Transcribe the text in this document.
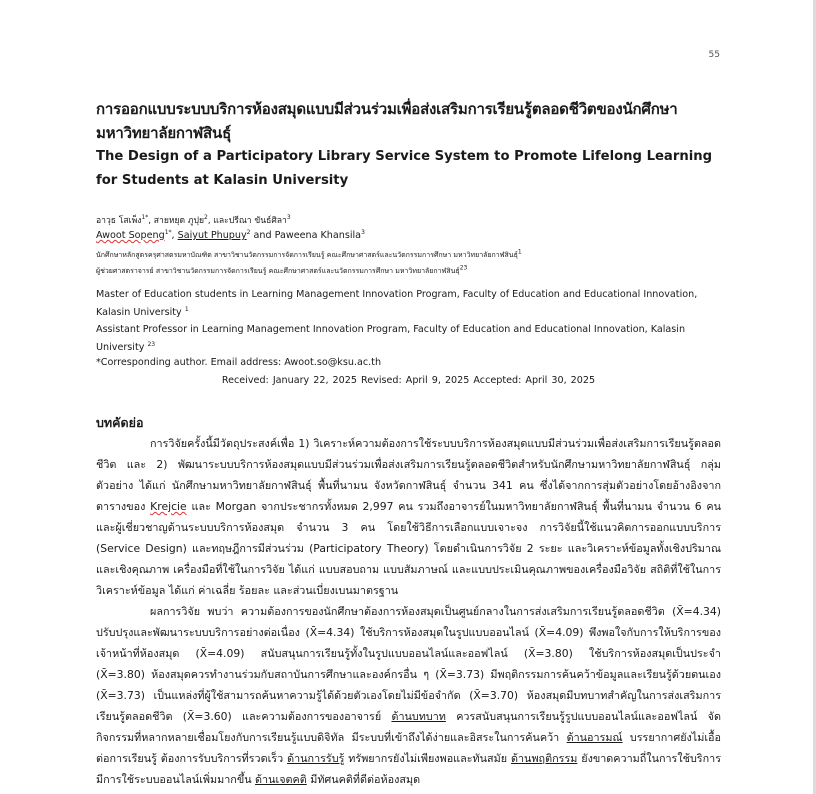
55
การออกแบบระบบบริการห้องสมุดแบบมีส่วนร่วมเพื่อส่งเสริมการเรียนรู้ตลอดชีวิตของนักศึกษามหาวิทยาลัยกาฬสินธุ์
The Design of a Participatory Library Service System to Promote Lifelong Learning for Students at Kalasin University
อาวุธ โสเพ็ง$^{1*}$, สายหยุด ภูปุย$^2$, และปรีณา ขันธ์ศิลา$^3$
Awoot Sopeng$^{1*}$, Saiyut Phupuy$^2$ and Paweena Khansila$^3$
นักศึกษาหลักสูตรครุศาสตรมหาบัณฑิต สาขาวิชานวัตกรรมการจัดการเรียนรู้ คณะศึกษาศาสตร์และนวัตกรรมการศึกษา มหาวิทยาลัยกาฬสินธุ์$^1$
ผู้ช่วยศาสตราจารย์ สาขาวิชานวัตกรรมการจัดการเรียนรู้ คณะศึกษาศาสตร์และนวัตกรรมการศึกษา มหาวิทยาลัยกาฬสินธุ์$^{23}$
Master of Education students in Learning Management Innovation Program, Faculty of Education and Educational Innovation, Kalasin University $^1$
Assistant Professor in Learning Management Innovation Program, Faculty of Education and Educational Innovation, Kalasin University $^{23}$
*Corresponding author. Email address: Awoot.so@ksu.ac.th
Received: January 22, 2025 Revised: April 9, 2025 Accepted: April 30, 2025
บทคัดย่อ

การวิจัยครั้งนี้มีวัตถุประสงค์เพื่อ 1) วิเคราะห์ความต้องการใช้ระบบบริการห้องสมุดแบบมีส่วนร่วมเพื่อส่งเสริมการเรียนรู้ตลอดชีวิต และ 2) พัฒนาระบบบริการห้องสมุดแบบมีส่วนร่วมเพื่อส่งเสริมการเรียนรู้ตลอดชีวิตสำหรับนักศึกษามหาวิทยาลัยกาฬสินธุ์ กลุ่มตัวอย่าง ได้แก่ นักศึกษามหาวิทยาลัยกาฬสินธุ์ พื้นที่นามน จังหวัดกาฬสินธุ์ จำนวน 341 คน ซึ่งได้จากการสุ่มตัวอย่างโดยอ้างอิงจากตารางของ Krejcie และ Morgan จากประชากรทั้งหมด 2,997 คน รวมถึงอาจารย์ในมหาวิทยาลัยกาฬสินธุ์ พื้นที่นามน จำนวน 6 คน และผู้เชี่ยวชาญด้านระบบบริการห้องสมุด จำนวน 3 คน โดยใช้วิธีการเลือกแบบเจาะจง การวิจัยนี้ใช้แนวคิดการออกแบบบริการ (Service Design) และทฤษฎีการมีส่วนร่วม (Participatory Theory) โดยดำเนินการวิจัย 2 ระยะ และวิเคราะห์ข้อมูลทั้งเชิงปริมาณและเชิงคุณภาพ เครื่องมือที่ใช้ในการวิจัย ได้แก่ แบบสอบถาม แบบสัมภาษณ์ และแบบประเมินคุณภาพของเครื่องมือวิจัย สถิติที่ใช้ในการวิเคราะห์ข้อมูล ได้แก่ ค่าเฉลี่ย ร้อยละ และส่วนเบี่ยงเบนมาตรฐาน

ผลการวิจัย พบว่า ความต้องการของนักศึกษาต้องการห้องสมุดเป็นศูนย์กลางในการส่งเสริมการเรียนรู้ตลอดชีวิต (X̄=4.34) ปรับปรุงและพัฒนาระบบบริการอย่างต่อเนื่อง (X̄=4.34) ใช้บริการห้องสมุดในรูปแบบออนไลน์ (X̄=4.09) พึงพอใจกับการให้บริการของเจ้าหน้าที่ห้องสมุด (X̄=4.09) สนับสนุนการเรียนรู้ทั้งในรูปแบบออนไลน์และออฟไลน์ (X̄=3.80) ใช้บริการห้องสมุดเป็นประจำ (X̄=3.80) ห้องสมุดควรทำงานร่วมกับสถาบันการศึกษาและองค์กรอื่น ๆ (X̄=3.73) มีพฤติกรรมการค้นคว้าข้อมูลและเรียนรู้ด้วยตนเอง (X̄=3.73) เป็นแหล่งที่ผู้ใช้สามารถค้นหาความรู้ได้ด้วยตัวเองโดยไม่มีข้อจำกัด (X̄=3.70) ห้องสมุดมีบทบาทสำคัญในการส่งเสริมการเรียนรู้ตลอดชีวิต (X̄=3.60) และความต้องการของอาจารย์ ด้านบทบาท ควรสนับสนุนการเรียนรู้รูปแบบออนไลน์และออฟไลน์ จัดกิจกรรมที่หลากหลายเชื่อมโยงกับการเรียนรู้แบบดิจิทัล มีระบบที่เข้าถึงได้ง่ายและอิสระในการค้นคว้า ด้านอารมณ์ บรรยากาศยังไม่เอื้อต่อการเรียนรู้ ต้องการรับบริการที่รวดเร็ว ด้านการรับรู้ ทรัพยากรยังไม่เพียงพอและทันสมัย ด้านพฤติกรรม ยังขาดความถี่ในการใช้บริการ มีการใช้ระบบออนไลน์เพิ่มมากขึ้น ด้านเจตคติ มีทัศนคติที่ดีต่อห้องสมุด
